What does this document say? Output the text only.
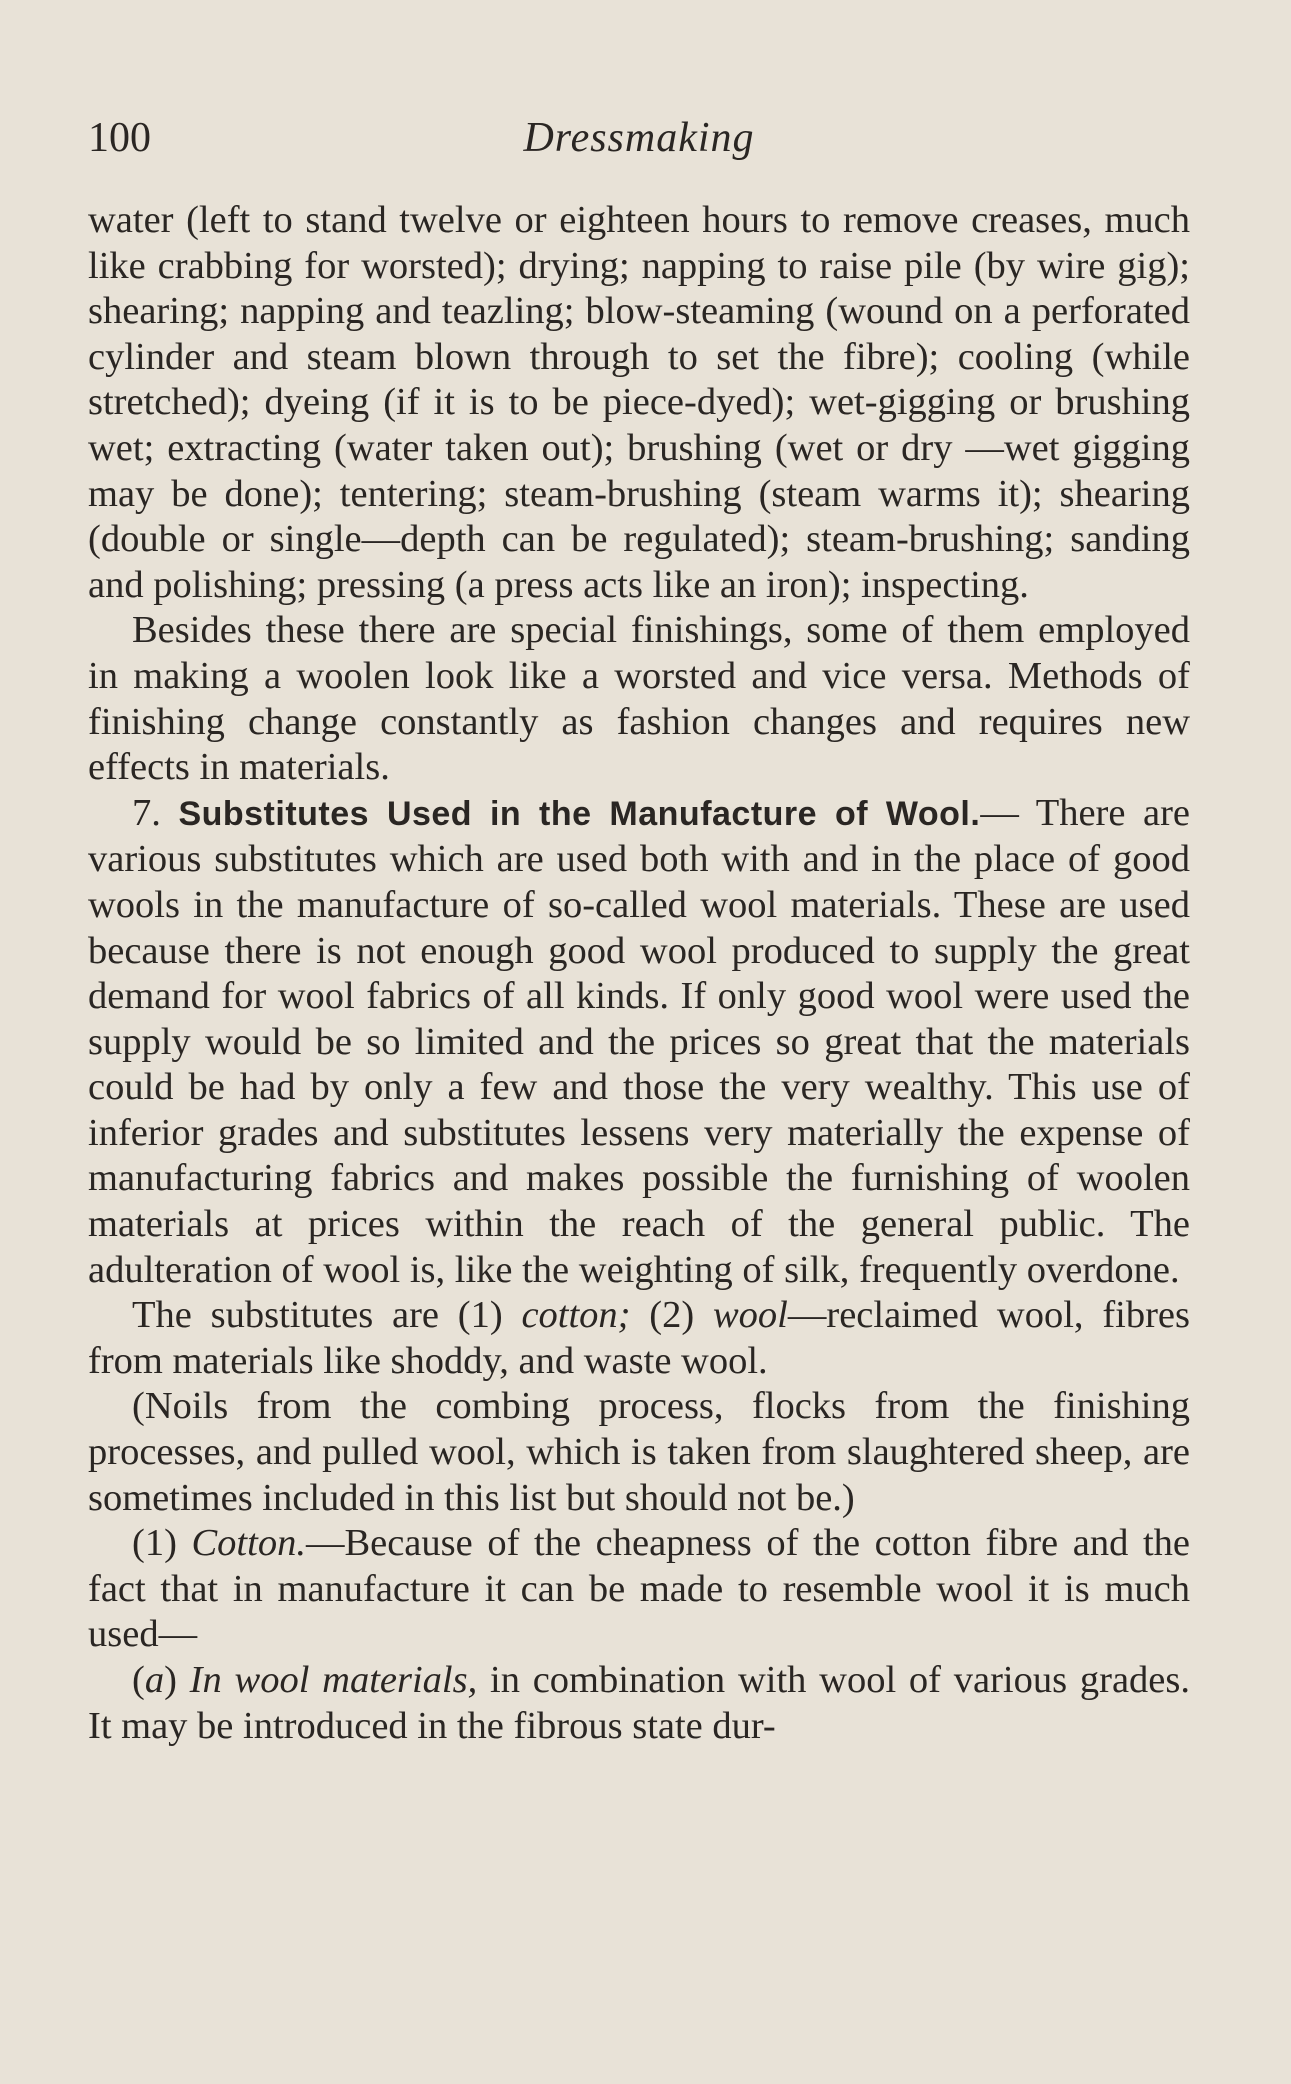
100	Dressmaking

water (left to stand twelve or eighteen hours to remove creases, much like crabbing for worsted); drying; napping to raise pile (by wire gig); shearing; napping and teazling; blow-steaming (wound on a perforated cylinder and steam blown through to set the fibre); cooling (while stretched); dyeing (if it is to be piece-dyed); wet-gigging or brushing wet; extracting (water taken out); brushing (wet or dry —wet gigging may be done); tentering; steam-brushing (steam warms it); shearing (double or single—depth can be regulated); steam-brushing; sanding and polishing; pressing (a press acts like an iron); inspecting.

Besides these there are special finishings, some of them employed in making a woolen look like a worsted and vice versa. Methods of finishing change constantly as fashion changes and requires new effects in materials.

7. Substitutes Used in the Manufacture of Wool.— There are various substitutes which are used both with and in the place of good wools in the manufacture of so-called wool materials. These are used because there is not enough good wool produced to supply the great demand for wool fabrics of all kinds. If only good wool were used the supply would be so limited and the prices so great that the materials could be had by only a few and those the very wealthy. This use of inferior grades and substitutes lessens very materially the expense of manufacturing fabrics and makes possible the furnishing of woolen materials at prices within the reach of the general public. The adulteration of wool is, like the weighting of silk, frequently overdone.

The substitutes are (1) cotton; (2) wool—reclaimed wool, fibres from materials like shoddy, and waste wool.

(Noils from the combing process, flocks from the finishing processes, and pulled wool, which is taken from slaughtered sheep, are sometimes included in this list but should not be.)

(1) Cotton.—Because of the cheapness of the cotton fibre and the fact that in manufacture it can be made to resemble wool it is much used—

(a) In wool materials, in combination with wool of various grades. It may be introduced in the fibrous state dur-
